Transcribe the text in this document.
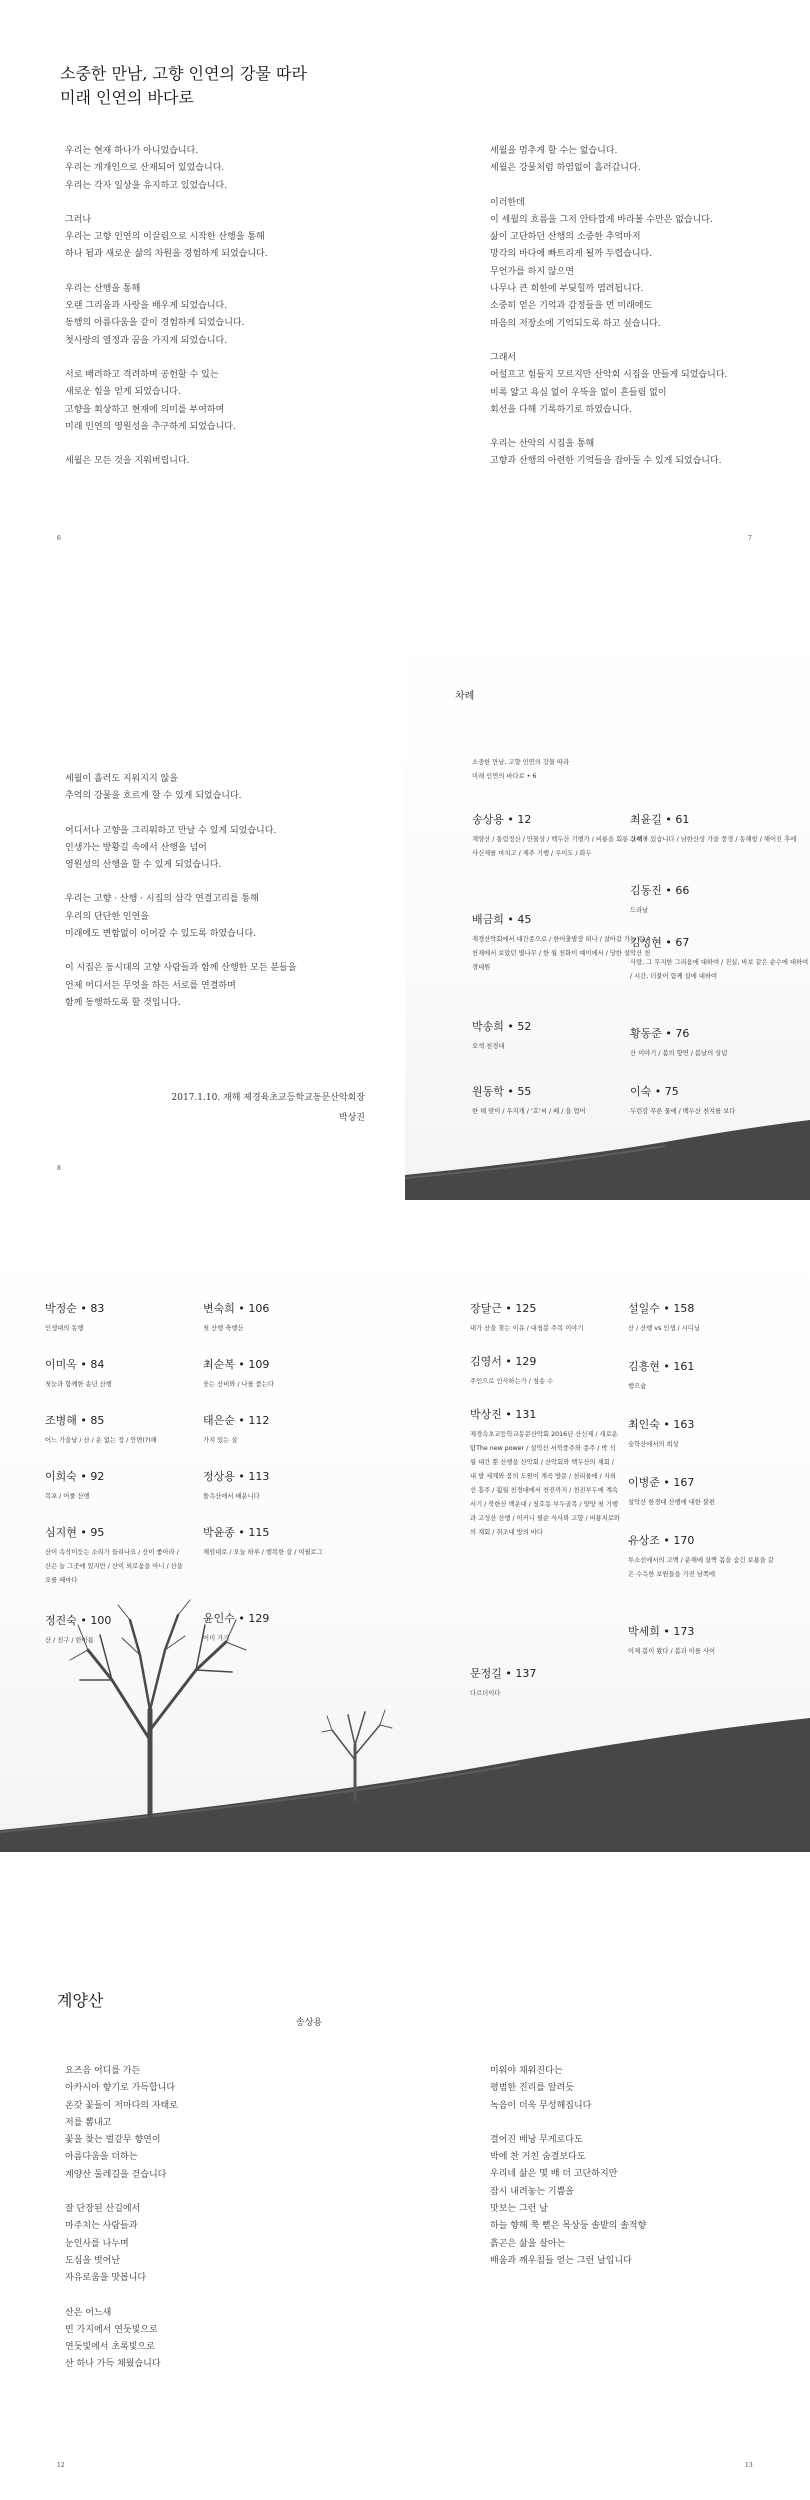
소중한 만남, 고향 인연의 강물 따라
미래 인연의 바다로

우리는 현재 하나가 아니었습니다.
우리는 개개인으로 산재되어 있었습니다.
우리는 각자 일상을 유지하고 있었습니다.

그러나
우리는 고향 인연의 이끌림으로 시작한 산행을 통해
하나 됨과 새로운 삶의 차원을 경험하게 되었습니다.

우리는 산행을 통해
오랜 그리움과 사랑을 배우게 되었습니다.
동행의 아름다움을 같이 경험하게 되었습니다.
첫사랑의 열정과 꿈을 가지게 되었습니다.

서로 배려하고 격려하며 공헌할 수 있는
새로운 힘을 얻게 되었습니다.
고향을 회상하고 현재에 의미를 부여하며
미래 인연의 영원성을 추구하게 되었습니다.

세월은 모든 것을 지워버립니다.

세월을 멈추게 할 수는 없습니다.
세월은 강물처럼 하염없이 흘러갑니다.

이러한데
이 세월의 흐름을 그저 안타깝게 바라볼 수만은 없습니다.
삶이 고단하던 산행의 소중한 추억마저
망각의 바다에 빠트리게 될까 두렵습니다.
무언가를 하지 않으면
나무나 큰 희한에 부딪힐까 염려됩니다.
소중히 얻은 기억과 감정들을 먼 미래에도
마음의 저장소에 기억되도록 하고 싶습니다.

그래서
어설프고 힘들지 모르지만 산악회 시집을 만들게 되었습니다.
비록 얇고 욕심 없이 우뚝을 없이 흔들림 없이
회선을 다해 기록하기로 하였습니다.

우리는 산악의 시집을 통해
고향과 산행의 아련한 기억들을 잡아둘 수 있게 되었습니다.

6	7

세월이 흘러도 지워지지 않을
추억의 강물을 흐르게 할 수 있게 되었습니다.

어디서나 고향을 그리워하고 만날 수 있게 되었습니다.
인생가는 방황길 속에서 산행을 넘어
영원성의 산행을 할 수 있게 되었습니다.

우리는 고향 · 산행 · 시집의 삼각 연결고리를 통해
우리의 단단한 인연을
미래에도 변함없이 이어갈 수 있도록 하였습니다.

이 시집은 동시대의 고향 사람들과 함께 산행한 모든 분들을
언제 어디서든 무엇을 하든 서로를 연결하며
함께 동행하도록 할 것입니다.

2017.1.10. 재해 제경육초교등학교동문산악회장
박상진
8
차례
소중한 만남, 고향 인연의 강물 따라
미래 인연의 바다로 • 6
송상용 • 12
계양산 / 통림정산 / 만물상 / 백두산 기행가 / 비룡을 회롱 산책 / 사신제를 마치고 / 제주 기행 / 우이도 / 화두
배금희 • 45
재경산악회에서 대간종으로 / 한어출발장 떠나 / 살아갈 가는 길 / 천재에서 보았던 별나무 / 한 월 천화이 예이에서 / 당한 설악산 천경대원
박송희 • 52
오색 천경대
원동학 • 55
한 해 맞이 / 우지개 / ‘호’씨 / 배 / 을 업어
최윤길 • 61
그대가 있습니다 / 남한산성 가을 풍경 / 동해항 / 해어진 후에
김동진 • 66
드라날
김성현 • 67
사랑, 그 무지한 그리움에 대하여 / 진실, 바보 같은 순수에 대하여 / 시간, 더불어 함께 살에 대하여
황동준 • 76
산 이야기 / 봄의 향연 / 봄날의 상념
이숙 • 75
두런강 푸른 물에 / 백두산 천지를 보다
박정순 • 83
인생대의 동행
이미옥 • 84
첫눈과 함께한 송년 산행
조병해 • 85
어느 가을날 / 산 / 운 없는 정 / 안면(?)해
이희숙 • 92
목포 / 어룰 산행
심지현 • 95
산이 속삭이듯는 소리가 들리나요 / 산이 좋아라 / 산은 늘 그곳에 있지만 / 산이 외로움을 아니 / 산을 오를 때마다
정진숙 • 100
산 / 친구 / 한아름
변숙희 • 106
첫 산행 축행산
최순복 • 109
웃는 산비와 / 나를 품는다
태은순 • 112
가지 있는 살
정상용 • 113
돌속산에서 배운니다
박윤종 • 115
제임대로 / 오늘 하루 / 행복한 살 / 여필로그
윤인수 • 129
어미 가기
장달근 • 125
내가 산을 찾는 이유 / 대청봉 주목 이야기
김영서 • 129
주인으로 인사하는가 / 청송 수
박상진 • 131
제경속초교등학교동문산악회 2016년 산신제 / 새로운 탐The new power / 설악산 서북풍주와 종주 / 박 석 월 대간 뿐 산행을 산악회 / 산악회와 백두산의 재회 / 내 발 세계와 붐의 도원이 계곡 방문 / 천리물에 / 자외선 흥주 / 훨월 천경대에서 천진까지 / 천진부두에 계속 서기 / 북한산 백운대 / 청호동 부두골목 / 양양 첫 기행과 고성산 산행 / 이커니 필순 식사와 고향 / 비룡처로와의 재회 / 취조대 방의 바다
문정길 • 137
다르더이다
설일수 • 158
산 / 산행 vs 인생 / 시디닐
김흥현 • 161
행으슘
최인숙 • 163
숲학산에서의 희상
이병준 • 167
설악산 한경대 산행에 대한 불편
유상조 • 170
투소선에서의 고백 / 운해에 살짝 몸을 숨긴 보룡을 같은 수윽한 보원들을 가진 남쪽에
박세희 • 173
이제 봄이 왔다 / 봄과 이를 사이
계양산
송상용

요즈음 어디를 가든
아카시아 향기로 가득합니다
온갖 꽃들이 저마다의 자태로
저를 뽐내고
꽃을 찾는 벌같무 향연이
아름다움을 더하는
계양산 둘레길을 걷습니다

잘 단장된 산길에서
마주치는 사람들과
눈인사를 나누며
도심을 벗어난
자유로움을 맛봅니다

산은 어느새
빈 가지에서 연둣빛으로
연둣빛에서 초록빛으로
산 하나 가득 채웠습니다

미워야 채워진다는
평범한 진리를 알려듯
녹음이 더욱 무성해집니다

결어진 배낭 무게로다도
박에 찬 거친 숨결보다도
우리네 삶은 몇 배 더 고단하지만
잠시 내려놓는 기쁨을
맛보는 그런 날
하늘 향해 쭉 뻗은 목상둥 솔밭의 솔적향
흙곤은 삶을 살아는
배움과 깨우침들 얻는 그런 날입니다

12	13
